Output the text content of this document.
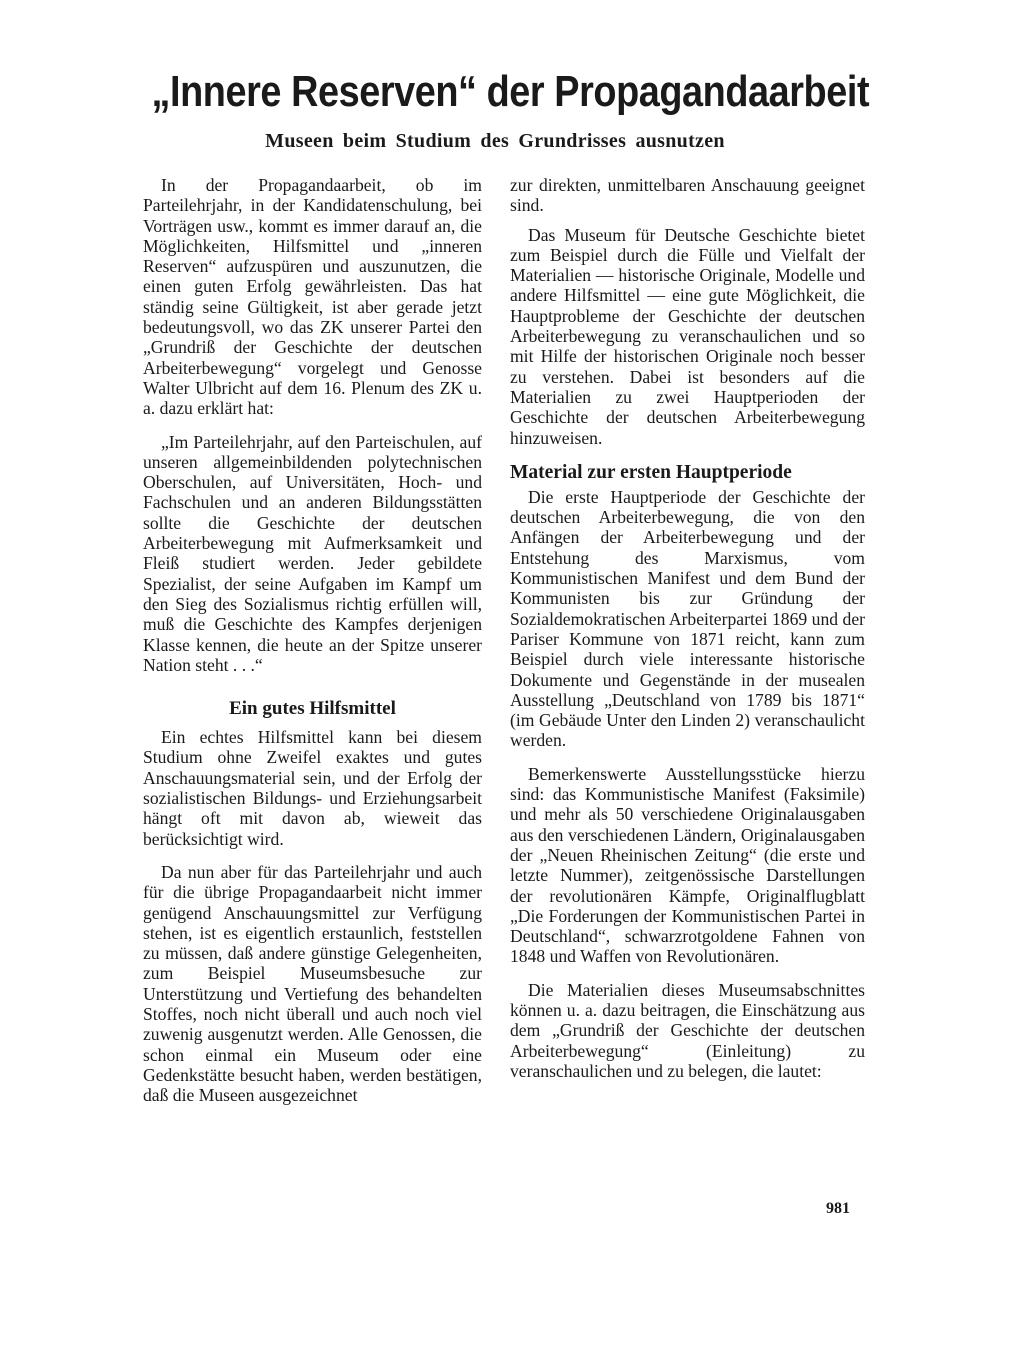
„Innere Reserven“ der Propagandaarbeit
Museen beim Studium des Grundrisses ausnutzen

In der Propagandaarbeit, ob im Parteilehrjahr, in der Kandidatenschulung, bei Vorträgen usw., kommt es immer darauf an, die Möglichkeiten, Hilfsmittel und „inneren Reserven“ aufzuspüren und auszunutzen, die einen guten Erfolg gewährleisten. Das hat ständig seine Gültigkeit, ist aber gerade jetzt bedeutungsvoll, wo das ZK unserer Partei den „Grundriß der Geschichte der deutschen Arbeiterbewegung“ vorgelegt und Genosse Walter Ulbricht auf dem 16. Plenum des ZK u. a. dazu erklärt hat:

„Im Parteilehrjahr, auf den Parteischulen, auf unseren allgemeinbildenden polytechnischen Oberschulen, auf Universitäten, Hoch- und Fachschulen und an anderen Bildungsstätten sollte die Geschichte der deutschen Arbeiterbewegung mit Aufmerksamkeit und Fleiß studiert werden. Jeder gebildete Spezialist, der seine Aufgaben im Kampf um den Sieg des Sozialismus richtig erfüllen will, muß die Geschichte des Kampfes derjenigen Klasse kennen, die heute an der Spitze unserer Nation steht . . .“

Ein gutes Hilfsmittel

Ein echtes Hilfsmittel kann bei diesem Studium ohne Zweifel exaktes und gutes Anschauungsmaterial sein, und der Erfolg der sozialistischen Bildungs- und Erziehungsarbeit hängt oft mit davon ab, wieweit das berücksichtigt wird.

Da nun aber für das Parteilehrjahr und auch für die übrige Propagandaarbeit nicht immer genügend Anschauungsmittel zur Verfügung stehen, ist es eigentlich erstaunlich, feststellen zu müssen, daß andere günstige Gelegenheiten, zum Beispiel Museumsbesuche zur Unterstützung und Vertiefung des behandelten Stoffes, noch nicht überall und auch noch viel zuwenig ausgenutzt werden. Alle Genossen, die schon einmal ein Museum oder eine Gedenkstätte besucht haben, werden bestätigen, daß die Museen ausgezeichnet

zur direkten, unmittelbaren Anschauung geeignet sind.

Das Museum für Deutsche Geschichte bietet zum Beispiel durch die Fülle und Vielfalt der Materialien — historische Originale, Modelle und andere Hilfsmittel — eine gute Möglichkeit, die Hauptprobleme der Geschichte der deutschen Arbeiterbewegung zu veranschaulichen und so mit Hilfe der historischen Originale noch besser zu verstehen. Dabei ist besonders auf die Materialien zu zwei Hauptperioden der Geschichte der deutschen Arbeiterbewegung hinzuweisen.

Material zur ersten Hauptperiode

Die erste Hauptperiode der Geschichte der deutschen Arbeiterbewegung, die von den Anfängen der Arbeiterbewegung und der Entstehung des Marxismus, vom Kommunistischen Manifest und dem Bund der Kommunisten bis zur Gründung der Sozialdemokratischen Arbeiterpartei 1869 und der Pariser Kommune von 1871 reicht, kann zum Beispiel durch viele interessante historische Dokumente und Gegenstände in der musealen Ausstellung „Deutschland von 1789 bis 1871“ (im Gebäude Unter den Linden 2) veranschaulicht werden.

Bemerkenswerte Ausstellungsstücke hierzu sind: das Kommunistische Manifest (Faksimile) und mehr als 50 verschiedene Originalausgaben aus den verschiedenen Ländern, Originalausgaben der „Neuen Rheinischen Zeitung“ (die erste und letzte Nummer), zeitgenössische Darstellungen der revolutionären Kämpfe, Originalflugblatt „Die Forderungen der Kommunistischen Partei in Deutschland“, schwarzrotgoldene Fahnen von 1848 und Waffen von Revolutionären.

Die Materialien dieses Museumsabschnittes können u. a. dazu beitragen, die Einschätzung aus dem „Grundriß der Geschichte der deutschen Arbeiterbewegung“ (Einleitung) zu veranschaulichen und zu belegen, die lautet:

981
